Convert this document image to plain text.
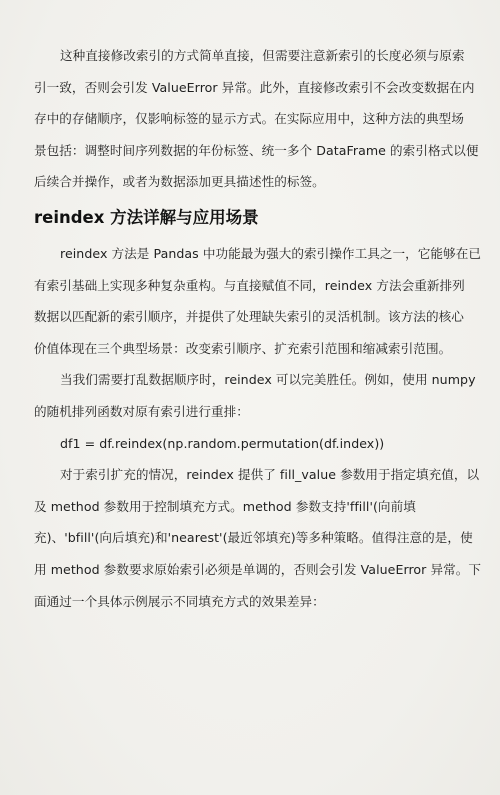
这种直接修改索引的方式简单直接，但需要注意新索引的长度必须与原索
引一致，否则会引发 ValueError 异常。此外，直接修改索引不会改变数据在内
存中的存储顺序，仅影响标签的显示方式。在实际应用中，这种方法的典型场
景包括：调整时间序列数据的年份标签、统一多个 DataFrame 的索引格式以便
后续合并操作，或者为数据添加更具描述性的标签。

reindex 方法详解与应用场景

reindex 方法是 Pandas 中功能最为强大的索引操作工具之一，它能够在已
有索引基础上实现多种复杂重构。与直接赋值不同，reindex 方法会重新排列
数据以匹配新的索引顺序，并提供了处理缺失索引的灵活机制。该方法的核心
价值体现在三个典型场景：改变索引顺序、扩充索引范围和缩减索引范围。

当我们需要打乱数据顺序时，reindex 可以完美胜任。例如，使用 numpy
的随机排列函数对原有索引进行重排：

df1 = df.reindex(np.random.permutation(df.index))

对于索引扩充的情况，reindex 提供了 fill_value 参数用于指定填充值，以
及 method 参数用于控制填充方式。method 参数支持'ffill'(向前填
充)、'bfill'(向后填充)和'nearest'(最近邻填充)等多种策略。值得注意的是，使
用 method 参数要求原始索引必须是单调的，否则会引发 ValueError 异常。下
面通过一个具体示例展示不同填充方式的效果差异：
